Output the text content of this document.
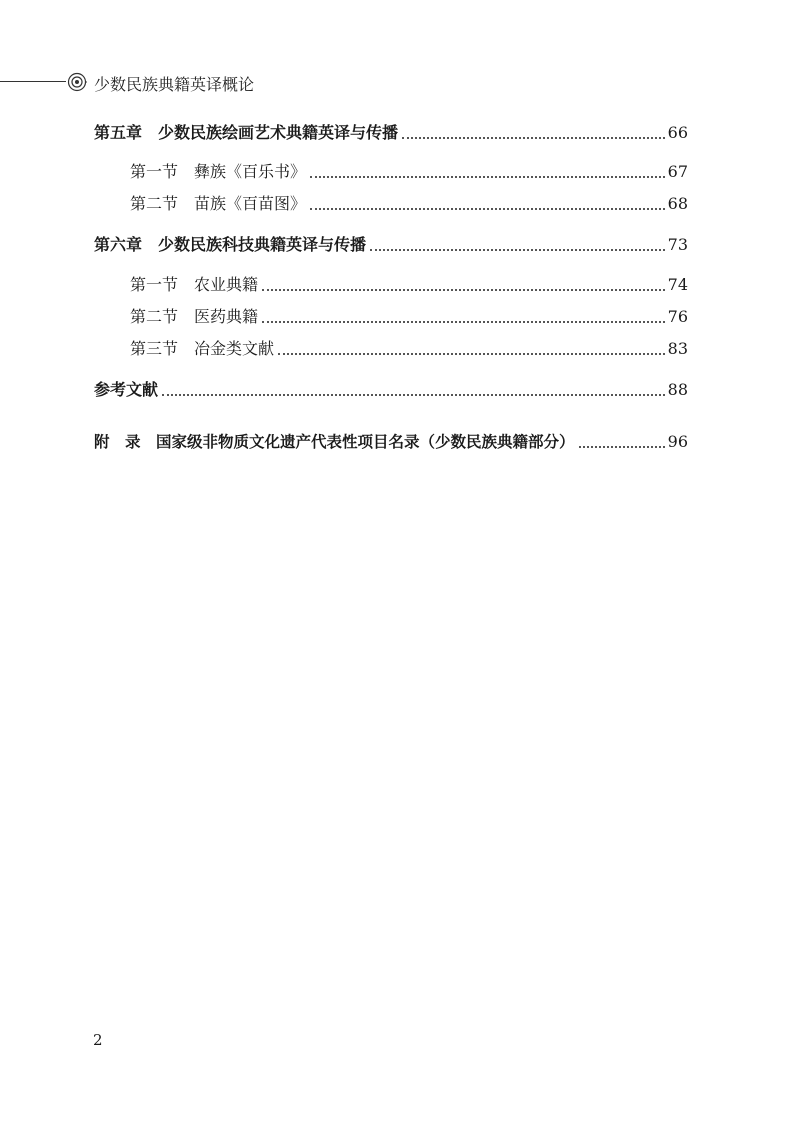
少数民族典籍英译概论
第五章　 少数民族绘画艺术典籍英译与传播	66
第一节　 彝族《百乐书》	67
第二节　 苗族《百苗图》	68
第六章　 少数民族科技典籍英译与传播	73
第一节　 农业典籍	74
第二节　 医药典籍	76
第三节　 冶金类文献	83
参考文献	88
附　录　 国家级非物质文化遗产代表性项目名录（少数民族典籍部分）	96
2
